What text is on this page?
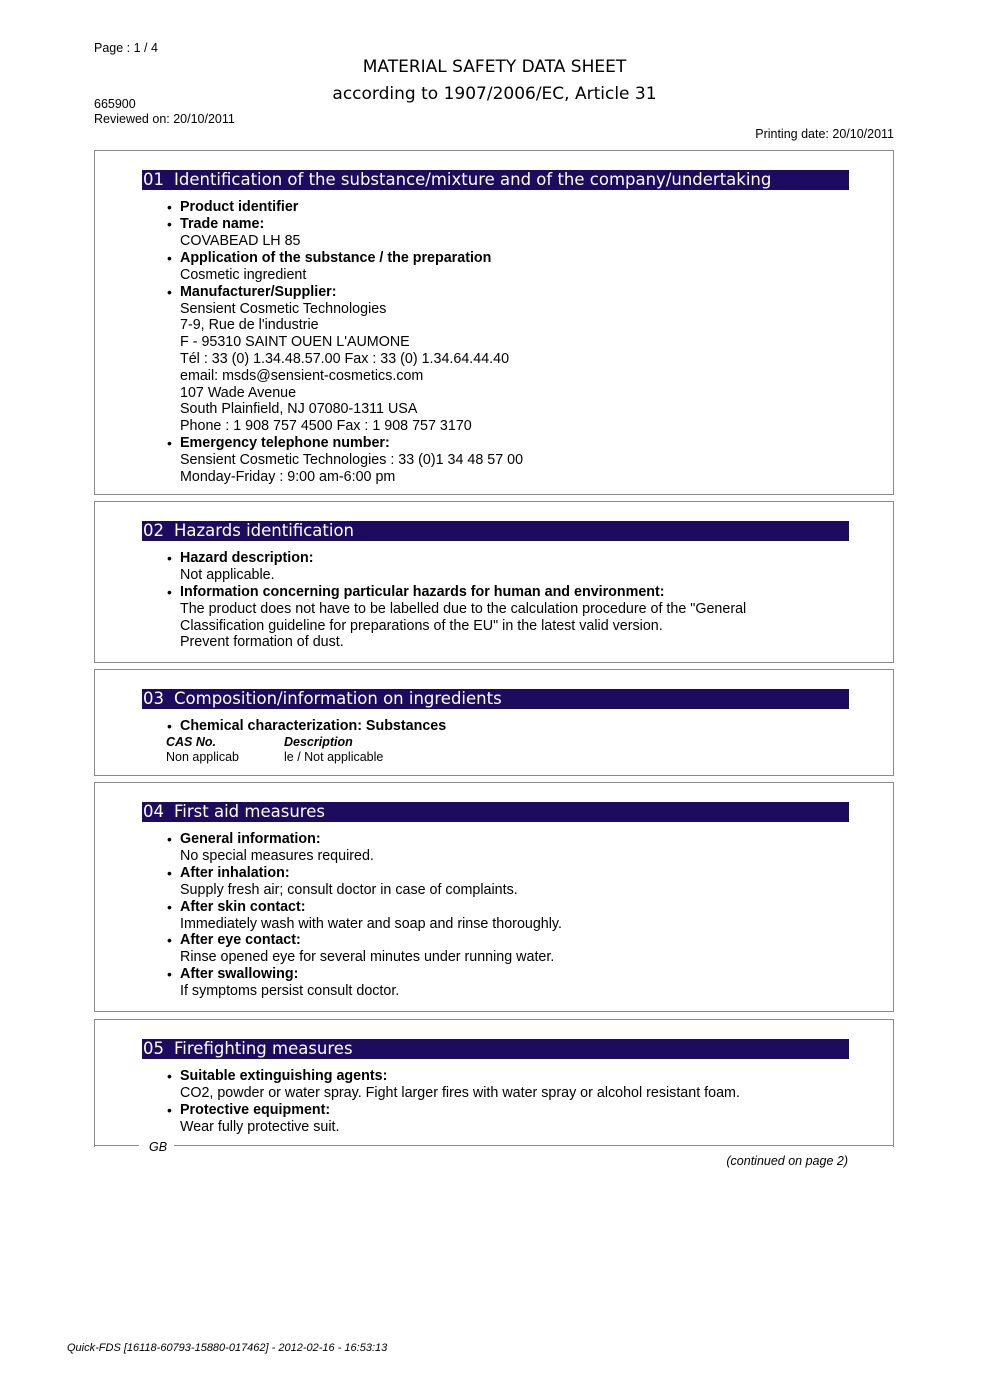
Page : 1 / 4
MATERIAL SAFETY DATA SHEET
according to 1907/2006/EC, Article 31
665900
Reviewed on: 20/10/2011
Printing date: 20/10/2011
01 Identification of the substance/mixture and of the company/undertaking
• Product identifier
• Trade name:
COVABEAD LH 85
• Application of the substance / the preparation
Cosmetic ingredient
• Manufacturer/Supplier:
Sensient Cosmetic Technologies
7-9, Rue de l'industrie
F - 95310 SAINT OUEN L'AUMONE
Tél : 33 (0) 1.34.48.57.00 Fax : 33 (0) 1.34.64.44.40
email: msds@sensient-cosmetics.com
107 Wade Avenue
South Plainfield, NJ 07080-1311 USA
Phone : 1 908 757 4500 Fax : 1 908 757 3170
• Emergency telephone number:
Sensient Cosmetic Technologies : 33 (0)1 34 48 57 00
Monday-Friday : 9:00 am-6:00 pm
02 Hazards identification
• Hazard description:
Not applicable.
• Information concerning particular hazards for human and environment:
The product does not have to be labelled due to the calculation procedure of the "General
Classification guideline for preparations of the EU" in the latest valid version.
Prevent formation of dust.
03 Composition/information on ingredients
• Chemical characterization: Substances
CAS No.	Description
Non applicab	le / Not applicable
04 First aid measures
• General information:
No special measures required.
• After inhalation:
Supply fresh air; consult doctor in case of complaints.
• After skin contact:
Immediately wash with water and soap and rinse thoroughly.
• After eye contact:
Rinse opened eye for several minutes under running water.
• After swallowing:
If symptoms persist consult doctor.
05 Firefighting measures
• Suitable extinguishing agents:
CO2, powder or water spray. Fight larger fires with water spray or alcohol resistant foam.
• Protective equipment:
Wear fully protective suit.
GB
(continued on page 2)
Quick-FDS [16118-60793-15880-017462] - 2012-02-16 - 16:53:13
